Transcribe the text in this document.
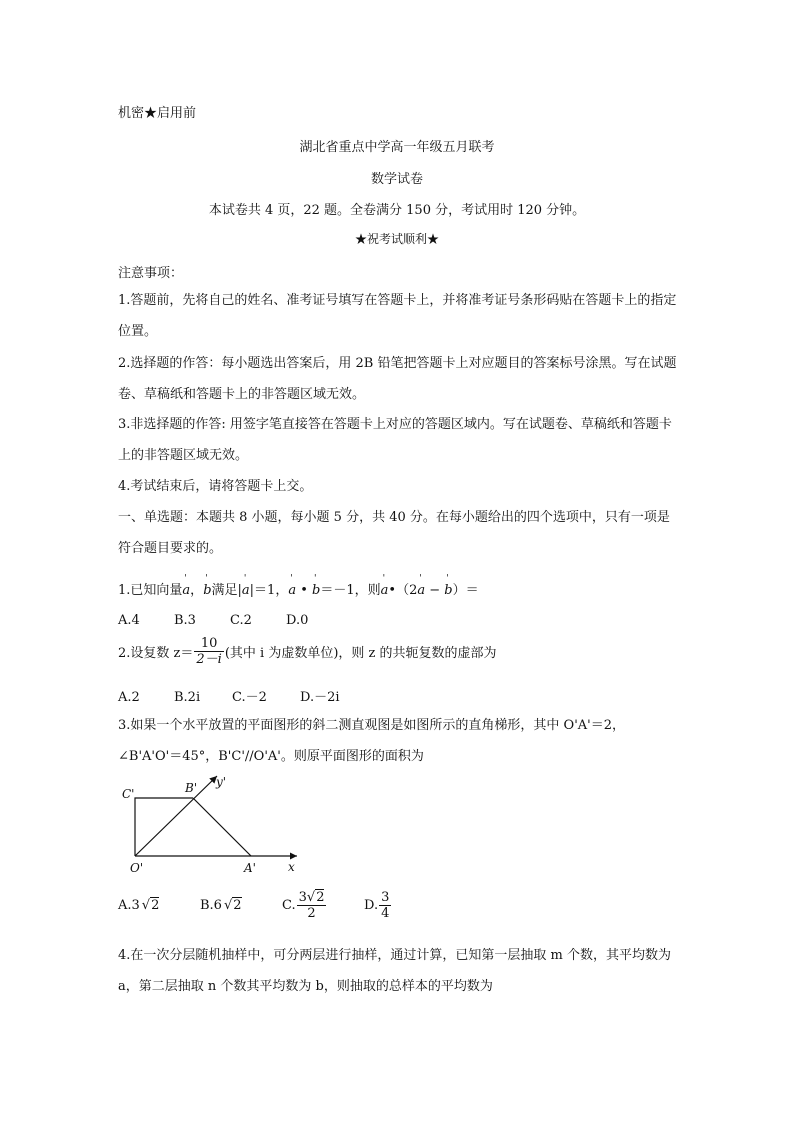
机密★启用前
湖北省重点中学高一年级五月联考
数学试卷
本试卷共 4 页，22 题。全卷满分 150 分，考试用时 120 分钟。
★祝考试顺利★
注意事项：
1.答题前，先将自己的姓名、准考证号填写在答题卡上，并将准考证号条形码贴在答题卡上的指定位置。
2.选择题的作答：每小题选出答案后，用 2B 铅笔把答题卡上对应题目的答案标号涂黑。写在试题卷、草稿纸和答题卡上的非答题区域无效。
3.非选择题的作答: 用签字笔直接答在答题卡上对应的答题区域内。写在试题卷、草稿纸和答题卡上的非答题区域无效。
4.考试结束后，请将答题卡上交。
一、单选题：本题共 8 小题，每小题 5 分，共 40 分。在每小题给出的四个选项中，只有一项是符合题目要求的。
1.已知向量' a，' b满足|' a|＝1，' a • ' b＝－1，则' a•（2' a − ' b）＝
A.4	B.3	C.2	D.0
2.设复数 $z= \frac{10}{2-i}$ (其中 i 为虚数单位)，则 z 的共轭复数的虚部为
A.2	B.2i C.－2	D.－2i
3.如果一个水平放置的平面图形的斜二测直观图是如图所示的直角梯形，其中 O'A'＝2，∠B'A'O'＝45°，B'C'//O'A'。则原平面图形的面积为
C'	B'
O'	A'	x
y'
A.3 √2	B.6 √2	C. $\frac{3√2}{2}$	D. $\frac{3}{4}$
4.在一次分层随机抽样中，可分两层进行抽样，通过计算，已知第一层抽取 m 个数，其平均数为 a，第二层抽取 n 个数其平均数为 b，则抽取的总样本的平均数为
